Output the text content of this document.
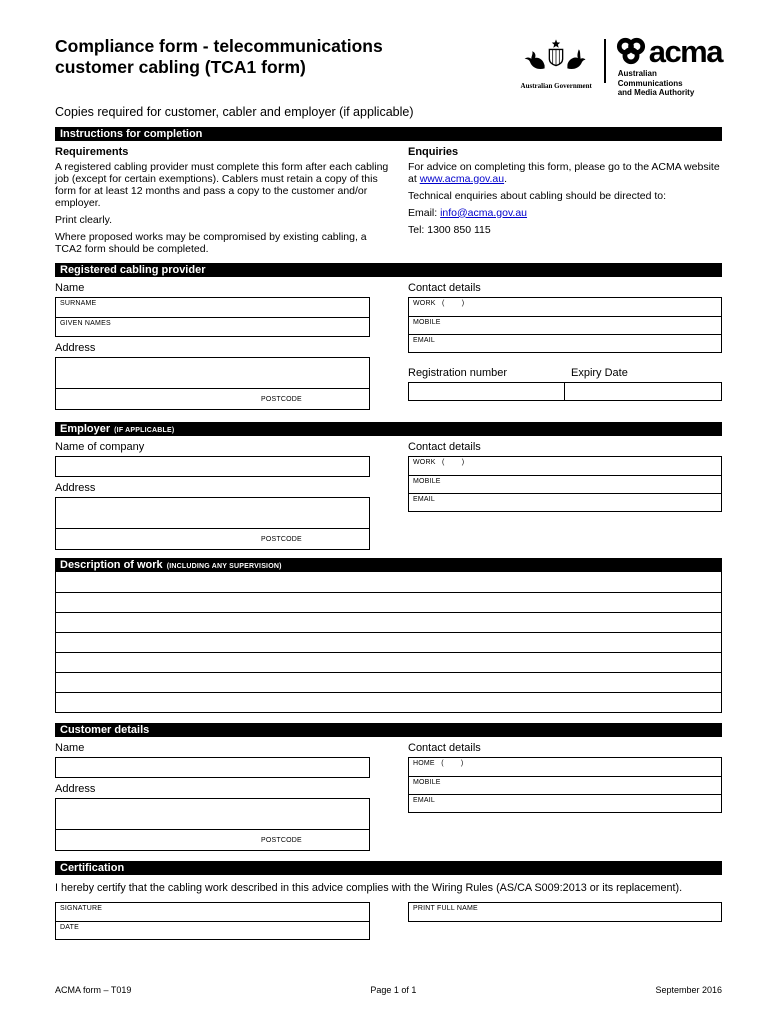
Compliance form - telecommunications
customer cabling (TCA1 form)
Australian Government
acma
Australian
Communications
and Media Authority
Copies required for customer, cabler and employer (if applicable)
Instructions for completion
Requirements

A registered cabling provider must complete this form after each cabling job (except for certain exemptions). Cablers must retain a copy of this form for at least 12 months and pass a copy to the customer and/or employer.

Print clearly.

Where proposed works may be compromised by existing cabling, a TCA2 form should be completed.

Enquiries

For advice on completing this form, please go to the ACMA website at www.acma.gov.au.

Technical enquiries about cabling should be directed to:

Email: info@acma.gov.au

Tel: 1300 850 115

Registered cabling provider
Name
SURNAME
GIVEN NAMES
Address
POSTCODE
Contact details
WORK   (        )
MOBILE
EMAIL
Registration number	Expiry Date
Employer (IF APPLICABLE)
Name of company
Address
POSTCODE
Contact details
WORK   (        )
MOBILE
EMAIL
Description of work (INCLUDING ANY SUPERVISION)
Customer details
Name
Address
POSTCODE
Contact details
HOME   (        )
MOBILE
EMAIL
Certification
I hereby certify that the cabling work described in this advice complies with the Wiring Rules (AS/CA S009:2013 or its replacement).
SIGNATURE
DATE
PRINT FULL NAME
ACMA form – T019	Page 1 of 1	September 2016
